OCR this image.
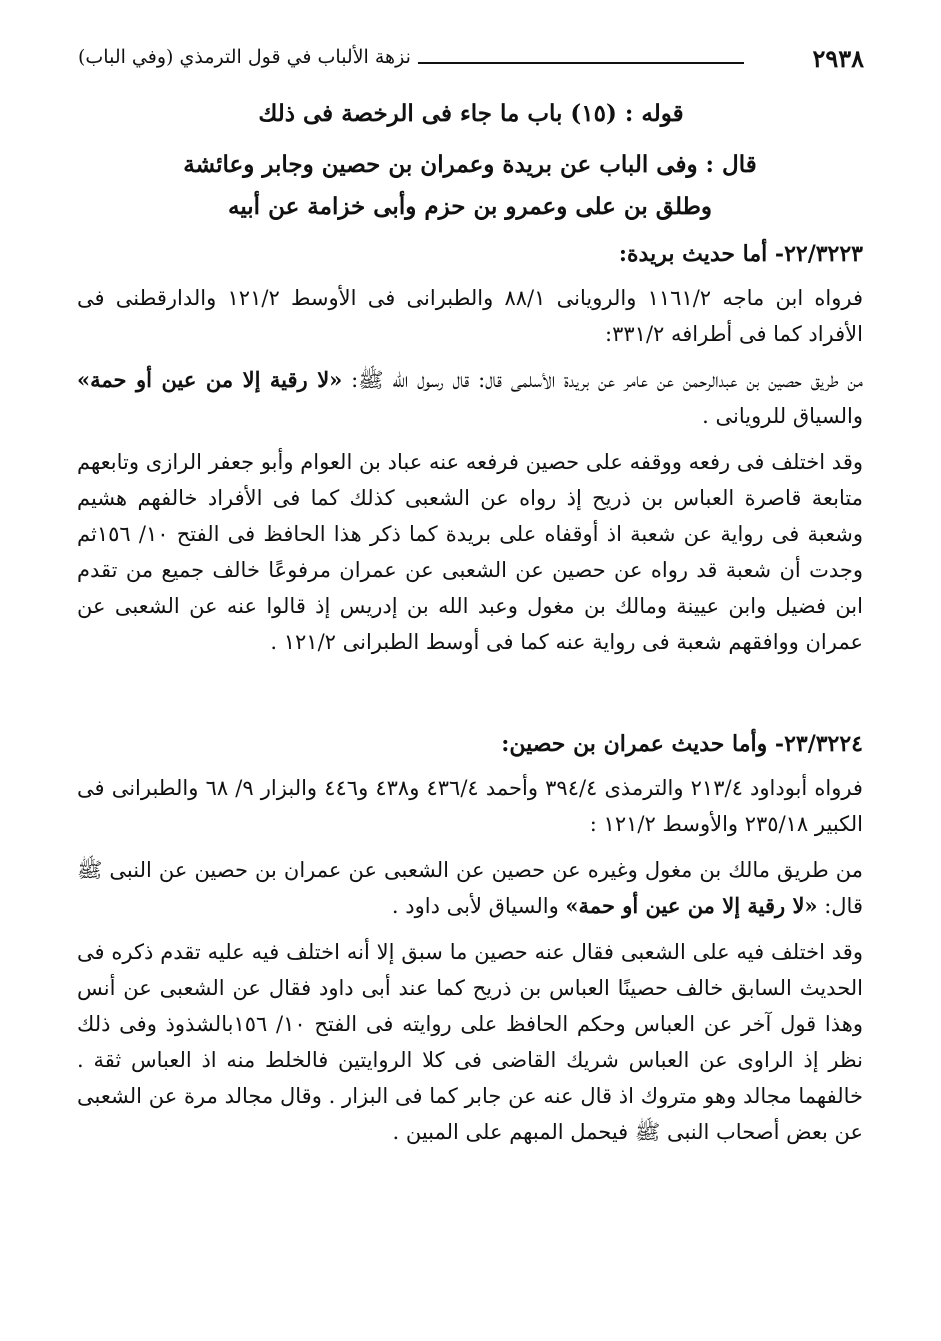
٢٩٣٨
نزهة الألباب في قول الترمذي (وفي الباب)
قوله : (١٥) باب ما جاء فى الرخصة فى ذلك
قال : وفى الباب عن بريدة وعمران بن حصين وجابر وعائشة
وطلق بن على وعمرو بن حزم وأبى خزامة عن أبيه
٢٢/٣٢٢٣- أما حديث بريدة:

فرواه ابن ماجه ١١٦١/٢ والرويانى ٨٨/١ والطبرانى فى الأوسط ١٢١/٢ والدارقطنى فى الأفراد كما فى أطرافه ٣٣١/٢:

من طريق حصين بن عبدالرحمن عن عامر عن بريدة الأسلمى قال: قال رسول الله ﷺ: «لا رقية إلا من عين أو حمة» والسياق للرويانى .

وقد اختلف فى رفعه ووقفه على حصين فرفعه عنه عباد بن العوام وأبو جعفر الرازى وتابعهم متابعة قاصرة العباس بن ذريح إذ رواه عن الشعبى كذلك كما فى الأفراد خالفهم هشيم وشعبة فى رواية عن شعبة اذ أوقفاه على بريدة كما ذكر هذا الحافظ فى الفتح ١٠/ ١٥٦ثم وجدت أن شعبة قد رواه عن حصين عن الشعبى عن عمران مرفوعًا خالف جميع من تقدم ابن فضيل وابن عيينة ومالك بن مغول وعبد الله بن إدريس إذ قالوا عنه عن الشعبى عن عمران ووافقهم شعبة فى رواية عنه كما فى أوسط الطبرانى ١٢١/٢ .

٢٣/٣٢٢٤- وأما حديث عمران بن حصين:

فرواه أبوداود ٢١٣/٤ والترمذى ٣٩٤/٤ وأحمد ٤٣٦/٤ و٤٣٨ و٤٤٦ والبزار ٩/ ٦٨ والطبرانى فى الكبير ٢٣٥/١٨ والأوسط ١٢١/٢ :

من طريق مالك بن مغول وغيره عن حصين عن الشعبى عن عمران بن حصين عن النبى ﷺ قال: «لا رقية إلا من عين أو حمة» والسياق لأبى داود .

وقد اختلف فيه على الشعبى فقال عنه حصين ما سبق إلا أنه اختلف فيه عليه تقدم ذكره فى الحديث السابق خالف حصينًا العباس بن ذريح كما عند أبى داود فقال عن الشعبى عن أنس وهذا قول آخر عن العباس وحكم الحافظ على روايته فى الفتح ١٠/ ١٥٦بالشذوذ وفى ذلك نظر إذ الراوى عن العباس شريك القاضى فى كلا الروايتين فالخلط منه اذ العباس ثقة . خالفهما مجالد وهو متروك اذ قال عنه عن جابر كما فى البزار . وقال مجالد مرة عن الشعبى عن بعض أصحاب النبى ﷺ فيحمل المبهم على المبين .
